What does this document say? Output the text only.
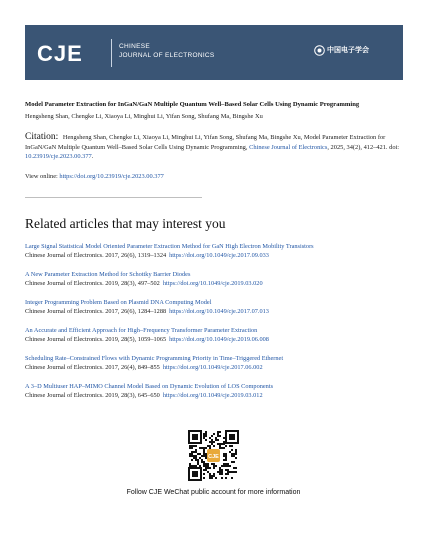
CJE	CHINESE
JOURNAL OF ELECTRONICS
中国电子学会
Model Parameter Extraction for InGaN/GaN Multiple Quantum Well–Based Solar Cells Using Dynamic Programming
Hengsheng Shan, Chengke Li, Xiaoya Li, Minghui Li, Yifan Song, Shufang Ma, Bingshe Xu
Citation: Hengsheng Shan, Chengke Li, Xiaoya Li, Minghui Li, Yifan Song, Shufang Ma, Bingshe Xu, Model Parameter Extraction for InGaN/GaN Multiple Quantum Well–Based Solar Cells Using Dynamic Programming, Chinese Journal of Electronics, 2025, 34(2), 412–421. doi: 10.23919/cje.2023.00.377.
View online: https://doi.org/10.23919/cje.2023.00.377
Related articles that may interest you
Large Signal Statistical Model Oriented Parameter Extraction Method for GaN High Electron Mobility Transistors
Chinese Journal of Electronics. 2017, 26(6), 1319–1324 https://doi.org/10.1049/cje.2017.09.033
A New Parameter Extraction Method for Schottky Barrier Diodes
Chinese Journal of Electronics. 2019, 28(3), 497–502 https://doi.org/10.1049/cje.2019.03.020
Integer Programming Problem Based on Plasmid DNA Computing Model
Chinese Journal of Electronics. 2017, 26(6), 1284–1288 https://doi.org/10.1049/cje.2017.07.013
An Accurate and Efficient Approach for High–Frequency Transformer Parameter Extraction
Chinese Journal of Electronics. 2019, 28(5), 1059–1065 https://doi.org/10.1049/cje.2019.06.008
Scheduling Rate–Constrained Flows with Dynamic Programming Priority in Time–Triggered Ethernet
Chinese Journal of Electronics. 2017, 26(4), 849–855 https://doi.org/10.1049/cje.2017.06.002
A 3–D Multiuser HAP–MIMO Channel Model Based on Dynamic Evolution of LOS Components
Chinese Journal of Electronics. 2019, 28(3), 645–650 https://doi.org/10.1049/cje.2019.03.012
CJE
Follow CJE WeChat public account for more information
